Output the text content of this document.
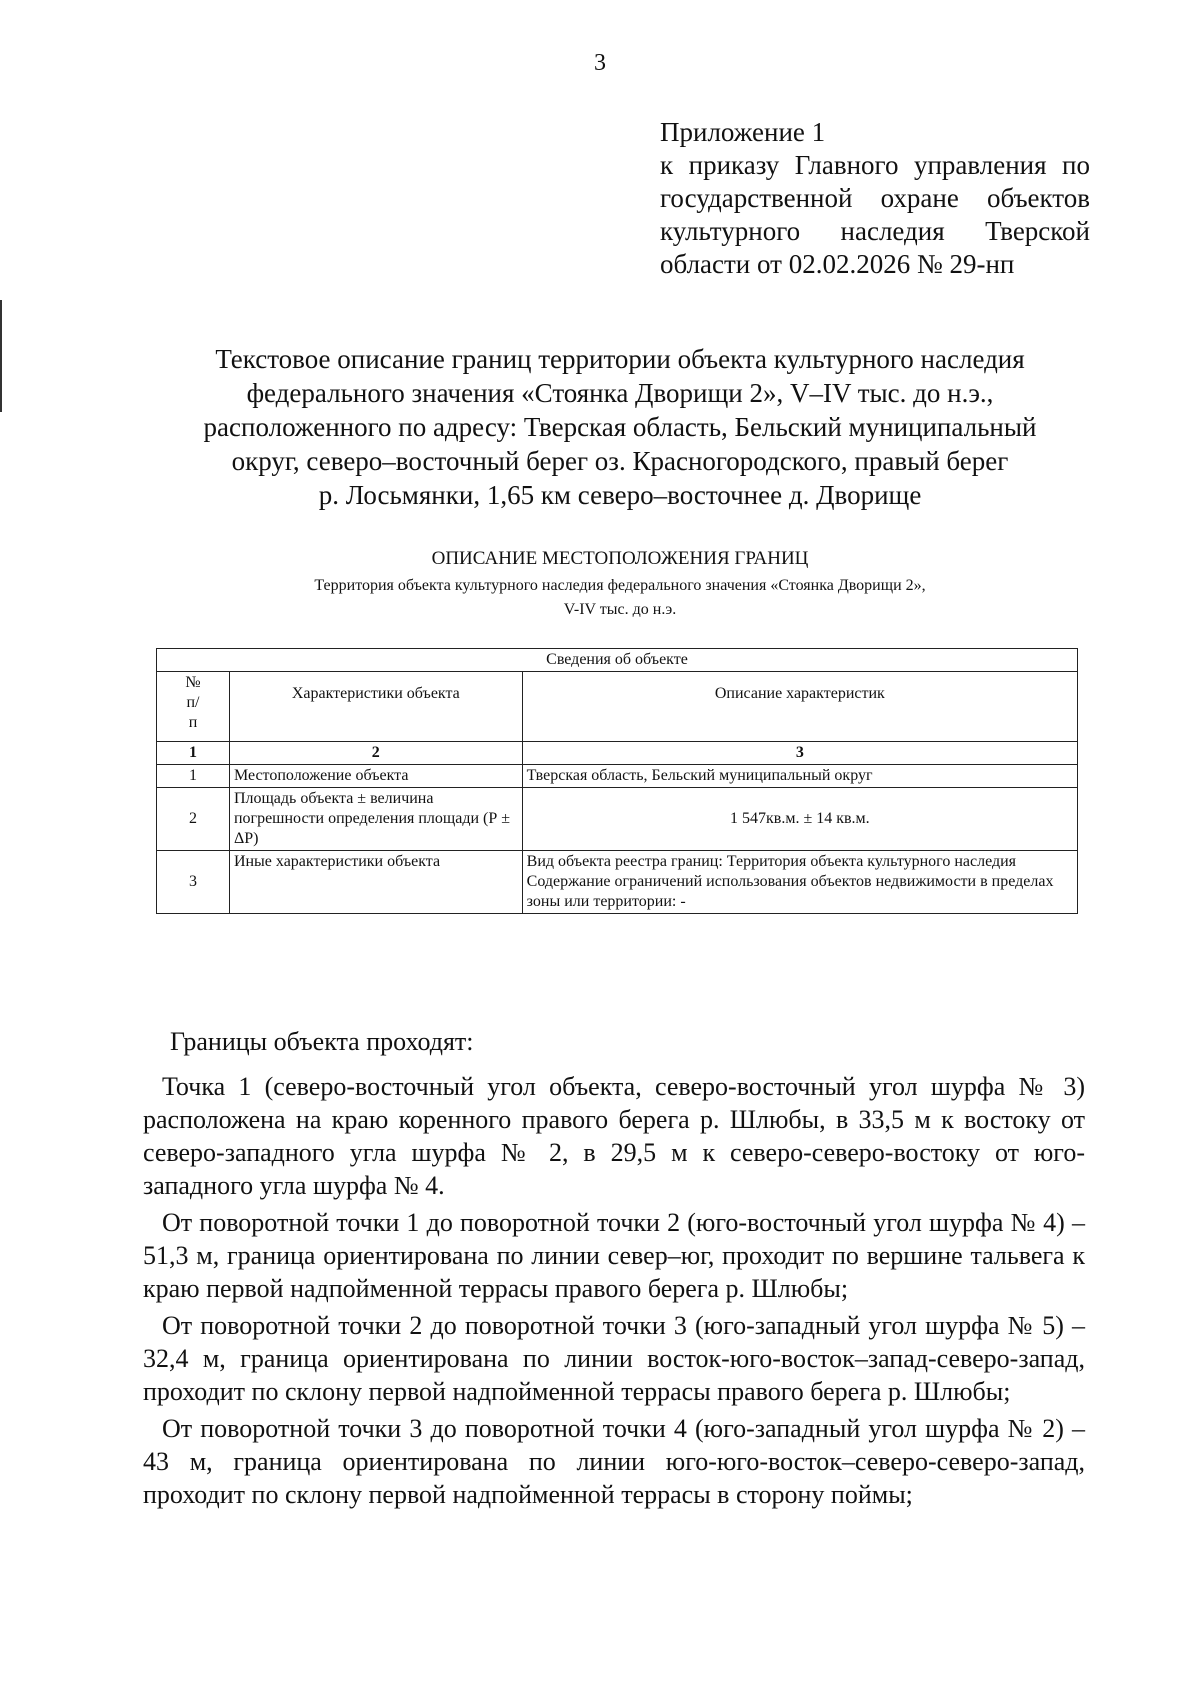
3
Приложение 1
к приказу Главного управления по
государственной охране объектов
культурного наследия Тверской
области от 02.02.2026 № 29-нп
Текстовое описание границ территории объекта культурного наследия
федерального значения «Стоянка Дворищи 2», V–IV тыс. до н.э.,
расположенного по адресу: Тверская область, Бельский муниципальный
округ, северо–восточный берег оз. Красногородского, правый берег
р. Лосьмянки, 1,65 км северо–восточнее д. Дворище
ОПИСАНИЕ МЕСТОПОЛОЖЕНИЯ ГРАНИЦ
Территория объекта культурного наследия федерального значения «Стоянка Дворищи 2»,
V-IV тыс. до н.э.
Сведения об объекте		
№ п/ п	Характеристики объекта	Описание характеристик
1	2	3
1	Местоположение объекта	Тверская область, Бельский муниципальный округ
2	Площадь объекта ± величина погрешности определения площади (Р ± ΔР)	1 547кв.м. ± 14 кв.м.
3	Иные характеристики объекта	Вид объекта реестра границ: Территория объекта культурного наследия
Содержание ограничений использования объектов недвижимости в пределах зоны или территории: -

Границы объекта проходят:

Точка 1 (северо-восточный угол объекта, северо-восточный угол шурфа № 3) расположена на краю коренного правого берега р. Шлюбы, в 33,5 м к востоку от северо-западного угла шурфа № 2, в 29,5 м к северо-северо-востоку от юго-западного угла шурфа № 4.

От поворотной точки 1 до поворотной точки 2 (юго-восточный угол шурфа № 4) – 51,3 м, граница ориентирована по линии север–юг, проходит по вершине тальвега к краю первой надпойменной террасы правого берега р. Шлюбы;

От поворотной точки 2 до поворотной точки 3 (юго-западный угол шурфа № 5) – 32,4 м, граница ориентирована по линии восток-юго-восток–запад-северо-запад, проходит по склону первой надпойменной террасы правого берега р. Шлюбы;

От поворотной точки 3 до поворотной точки 4 (юго-западный угол шурфа № 2) – 43 м, граница ориентирована по линии юго-юго-восток–северо-северо-запад, проходит по склону первой надпойменной террасы в сторону поймы;
